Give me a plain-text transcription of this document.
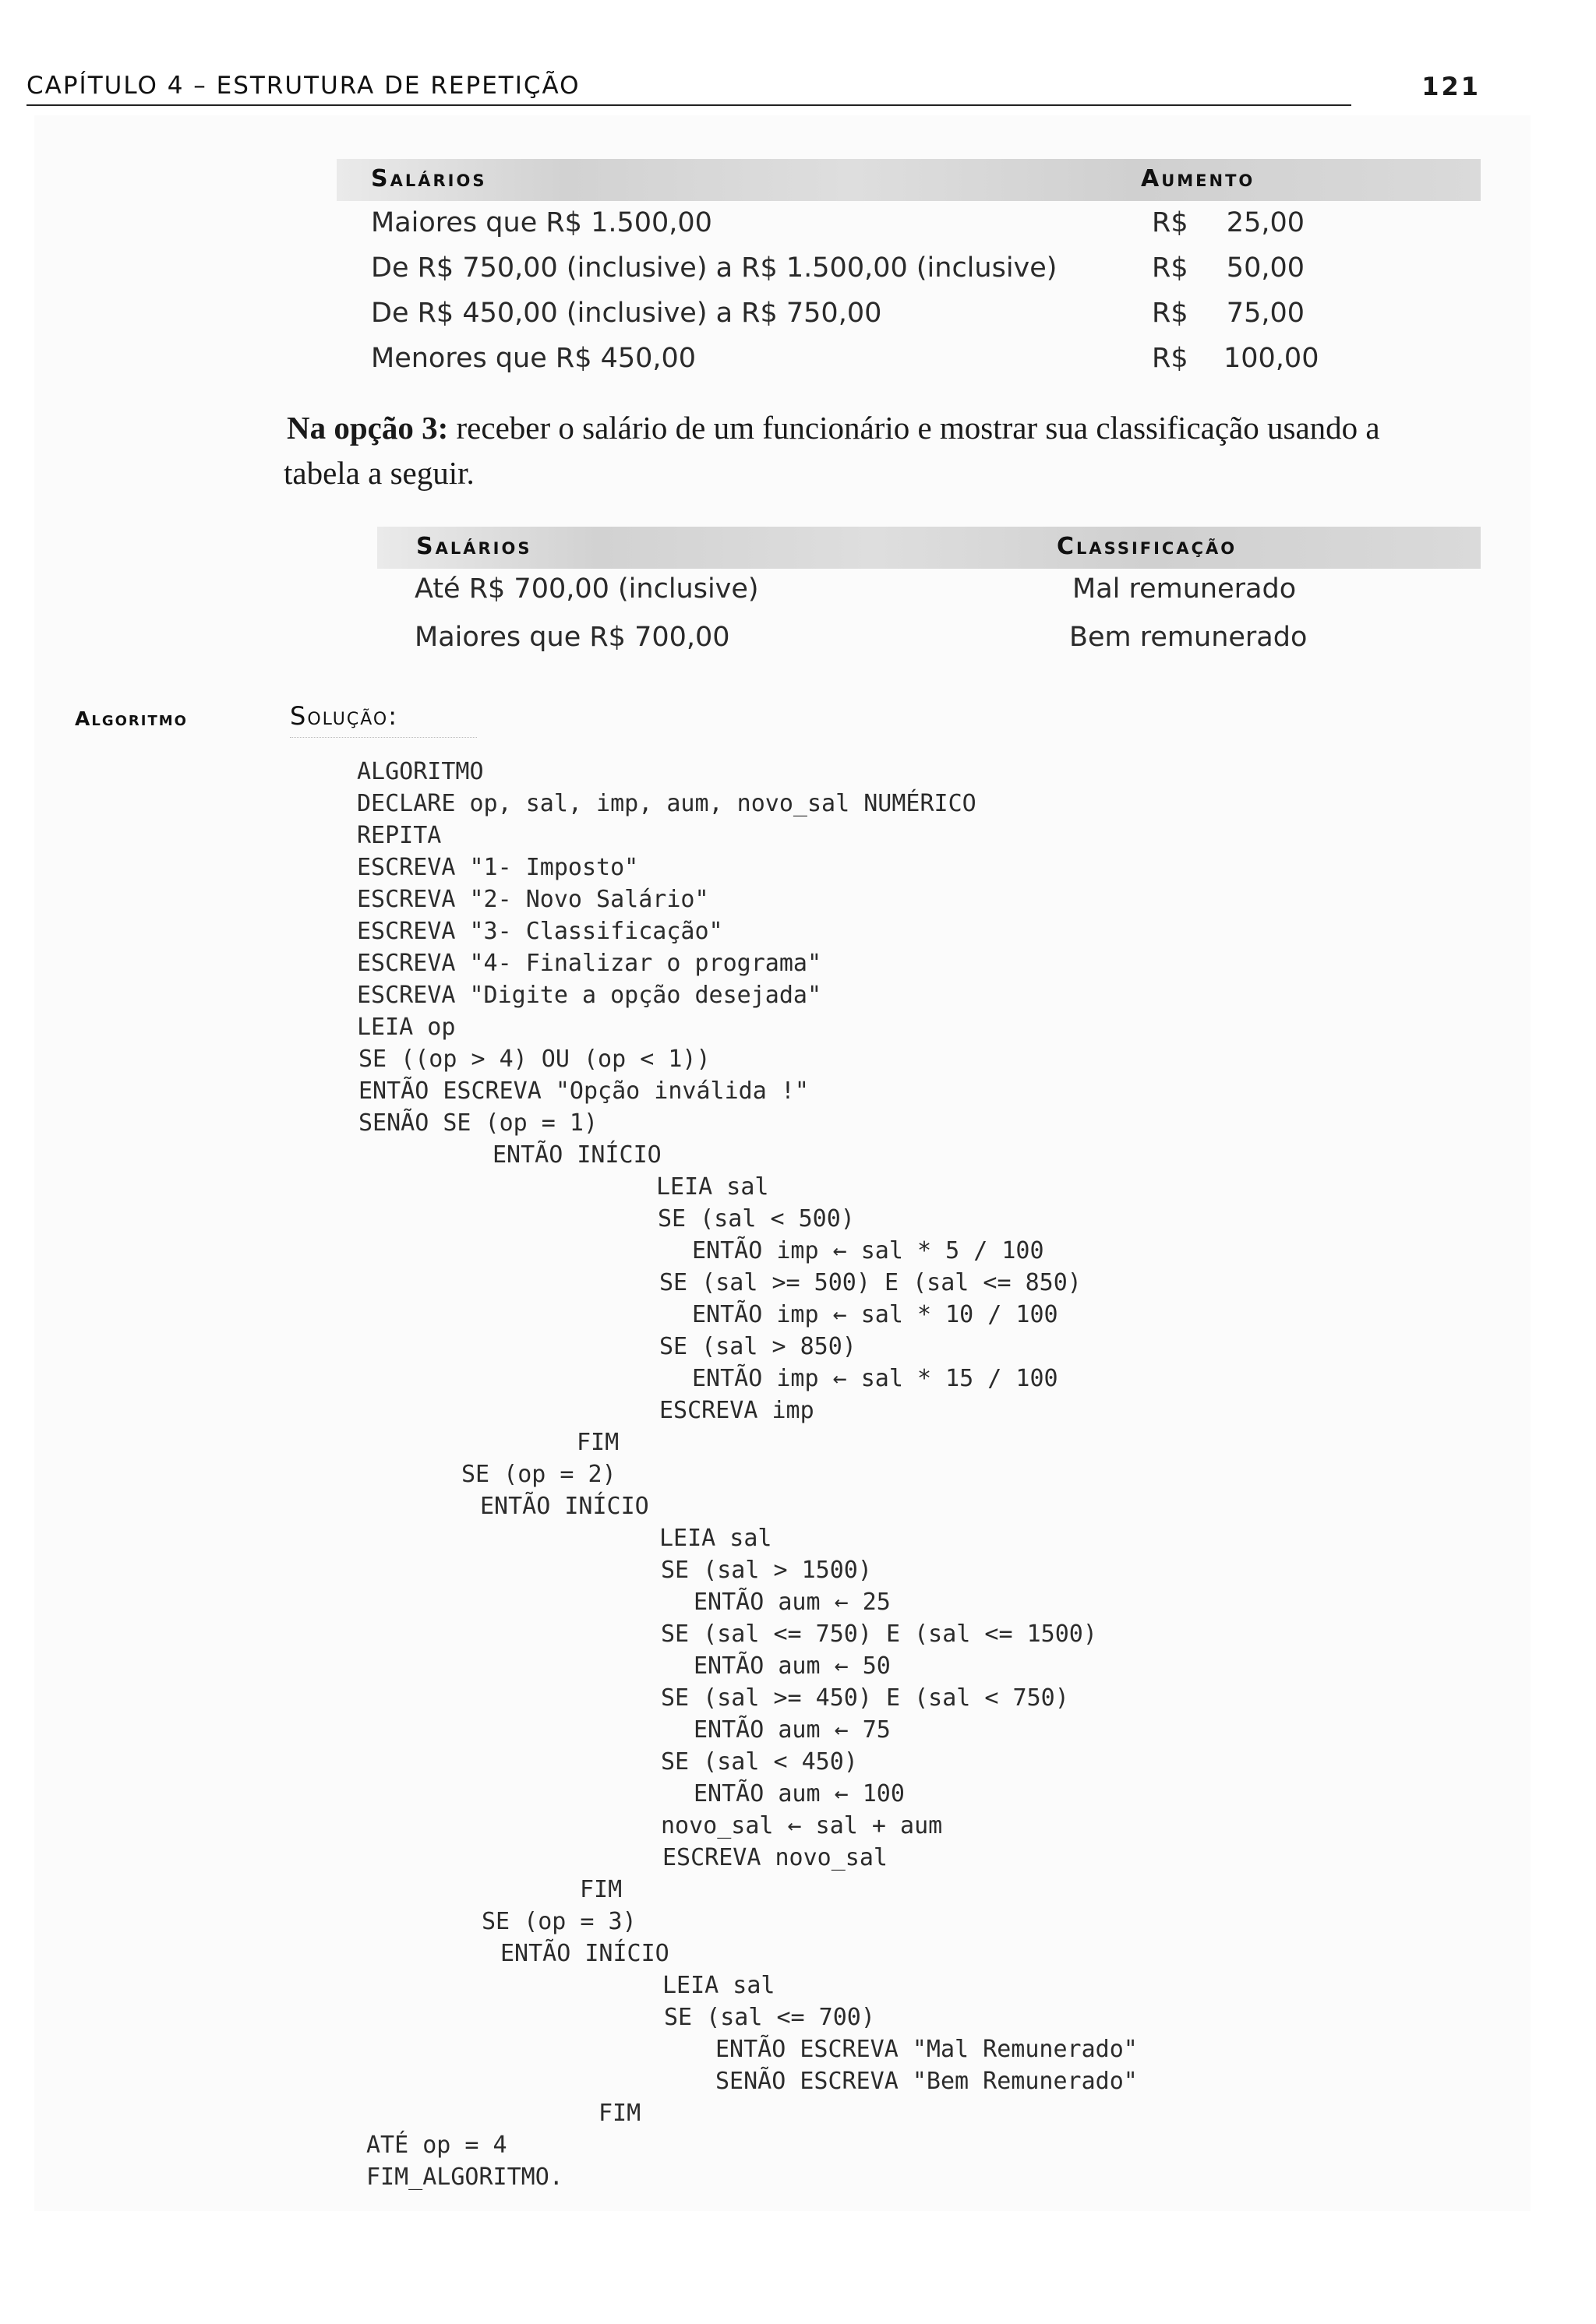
CAPÍTULO 4 – ESTRUTURA DE REPETIÇÃO	121
Salários	Aumento
Maiores que R$ 1.500,00	R$ 25,00
De R$ 750,00 (inclusive) a R$ 1.500,00 (inclusive)	R$ 50,00
De R$ 450,00 (inclusive) a R$ 750,00	R$ 75,00
Menores que R$ 450,00	R$ 100,00
Na opção 3: receber o salário de um funcionário e mostrar sua classificação usando a
tabela a seguir.
Salários	Classificação
Até R$ 700,00 (inclusive)	Mal remunerado
Maiores que R$ 700,00	Bem remunerado
Algoritmo	Solução:
ALGORITMO
DECLARE op, sal, imp, aum, novo_sal NUMÉRICO
REPITA
ESCREVA "1- Imposto"
ESCREVA "2- Novo Salário"
ESCREVA "3- Classificação"
ESCREVA "4- Finalizar o programa"
ESCREVA "Digite a opção desejada"
LEIA op
SE ((op > 4) OU (op < 1))
ENTÃO ESCREVA "Opção inválida !"
SENÃO SE (op = 1)
ENTÃO INÍCIO
LEIA sal
SE (sal < 500)
ENTÃO imp ← sal * 5 / 100
SE (sal >= 500) E (sal <= 850)
ENTÃO imp ← sal * 10 / 100
SE (sal > 850)
ENTÃO imp ← sal * 15 / 100
ESCREVA imp
FIM
SE (op = 2)
ENTÃO INÍCIO
LEIA sal
SE (sal > 1500)
ENTÃO aum ← 25
SE (sal <= 750) E (sal <= 1500)
ENTÃO aum ← 50
SE (sal >= 450) E (sal < 750)
ENTÃO aum ← 75
SE (sal < 450)
ENTÃO aum ← 100
novo_sal ← sal + aum
ESCREVA novo_sal
FIM
SE (op = 3)
ENTÃO INÍCIO
LEIA sal
SE (sal <= 700)
ENTÃO ESCREVA "Mal Remunerado"
SENÃO ESCREVA "Bem Remunerado"
FIM
ATÉ op = 4
FIM_ALGORITMO.
